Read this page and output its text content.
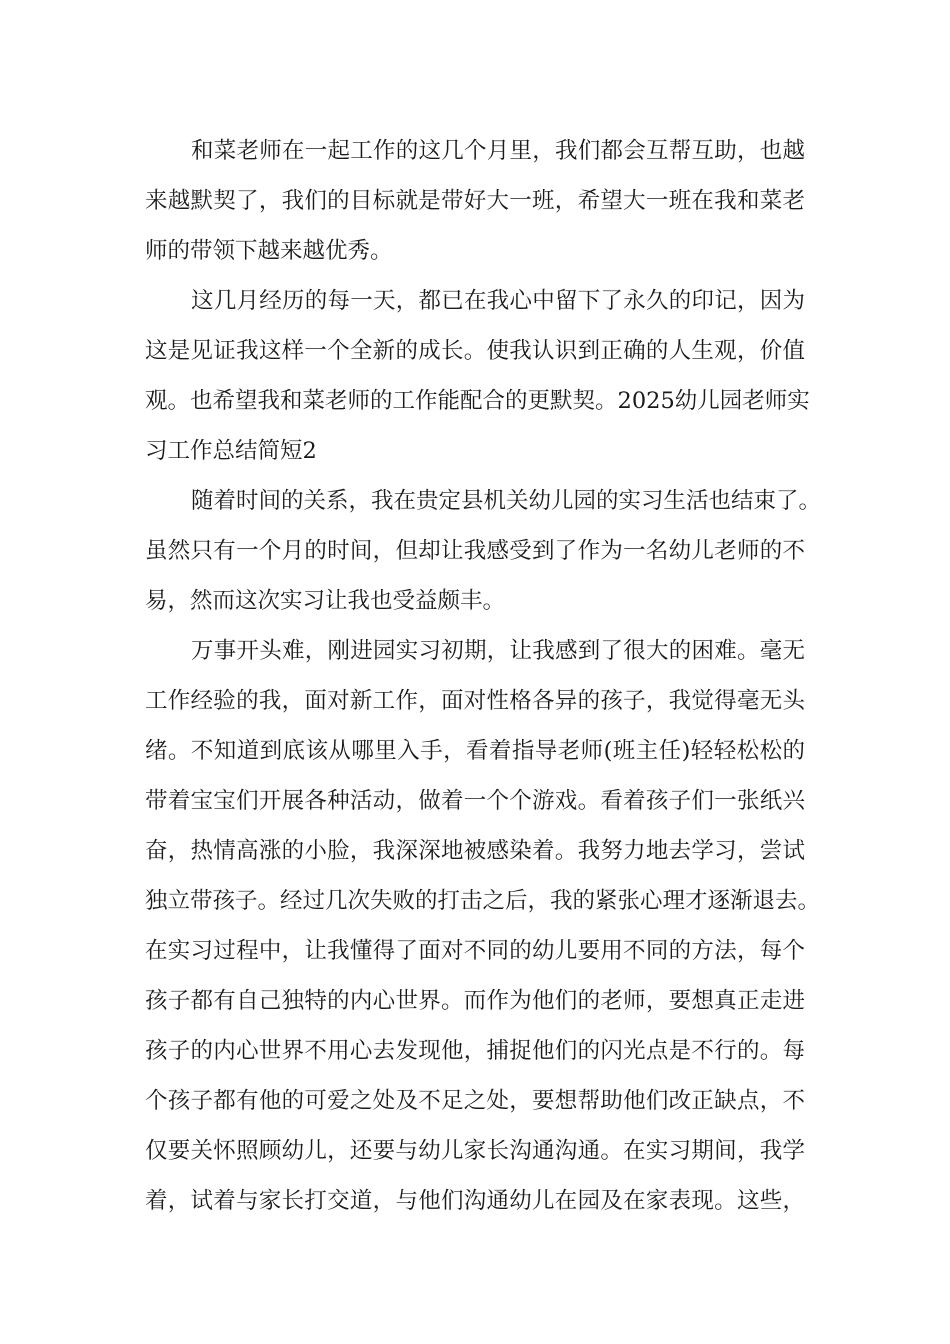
和菜老师在一起工作的这几个月里，我们都会互帮互助，也越
来越默契了，我们的目标就是带好大一班，希望大一班在我和菜老
师的带领下越来越优秀。
这几月经历的每一天，都已在我心中留下了永久的印记，因为
这是见证我这样一个全新的成长。使我认识到正确的人生观，价值
观。也希望我和菜老师的工作能配合的更默契。2025幼儿园老师实
习工作总结简短2
随着时间的关系，我在贵定县机关幼儿园的实习生活也结束了。
虽然只有一个月的时间，但却让我感受到了作为一名幼儿老师的不
易，然而这次实习让我也受益颇丰。
万事开头难，刚进园实习初期，让我感到了很大的困难。毫无
工作经验的我，面对新工作，面对性格各异的孩子，我觉得毫无头
绪。不知道到底该从哪里入手，看着指导老师(班主任)轻轻松松的
带着宝宝们开展各种活动，做着一个个游戏。看着孩子们一张纸兴
奋，热情高涨的小脸，我深深地被感染着。我努力地去学习，尝试
独立带孩子。经过几次失败的打击之后，我的紧张心理才逐渐退去。
在实习过程中，让我懂得了面对不同的幼儿要用不同的方法，每个
孩子都有自己独特的内心世界。而作为他们的老师，要想真正走进
孩子的内心世界不用心去发现他，捕捉他们的闪光点是不行的。每
个孩子都有他的可爱之处及不足之处，要想帮助他们改正缺点，不
仅要关怀照顾幼儿，还要与幼儿家长沟通沟通。在实习期间，我学
着，试着与家长打交道，与他们沟通幼儿在园及在家表现。这些，
